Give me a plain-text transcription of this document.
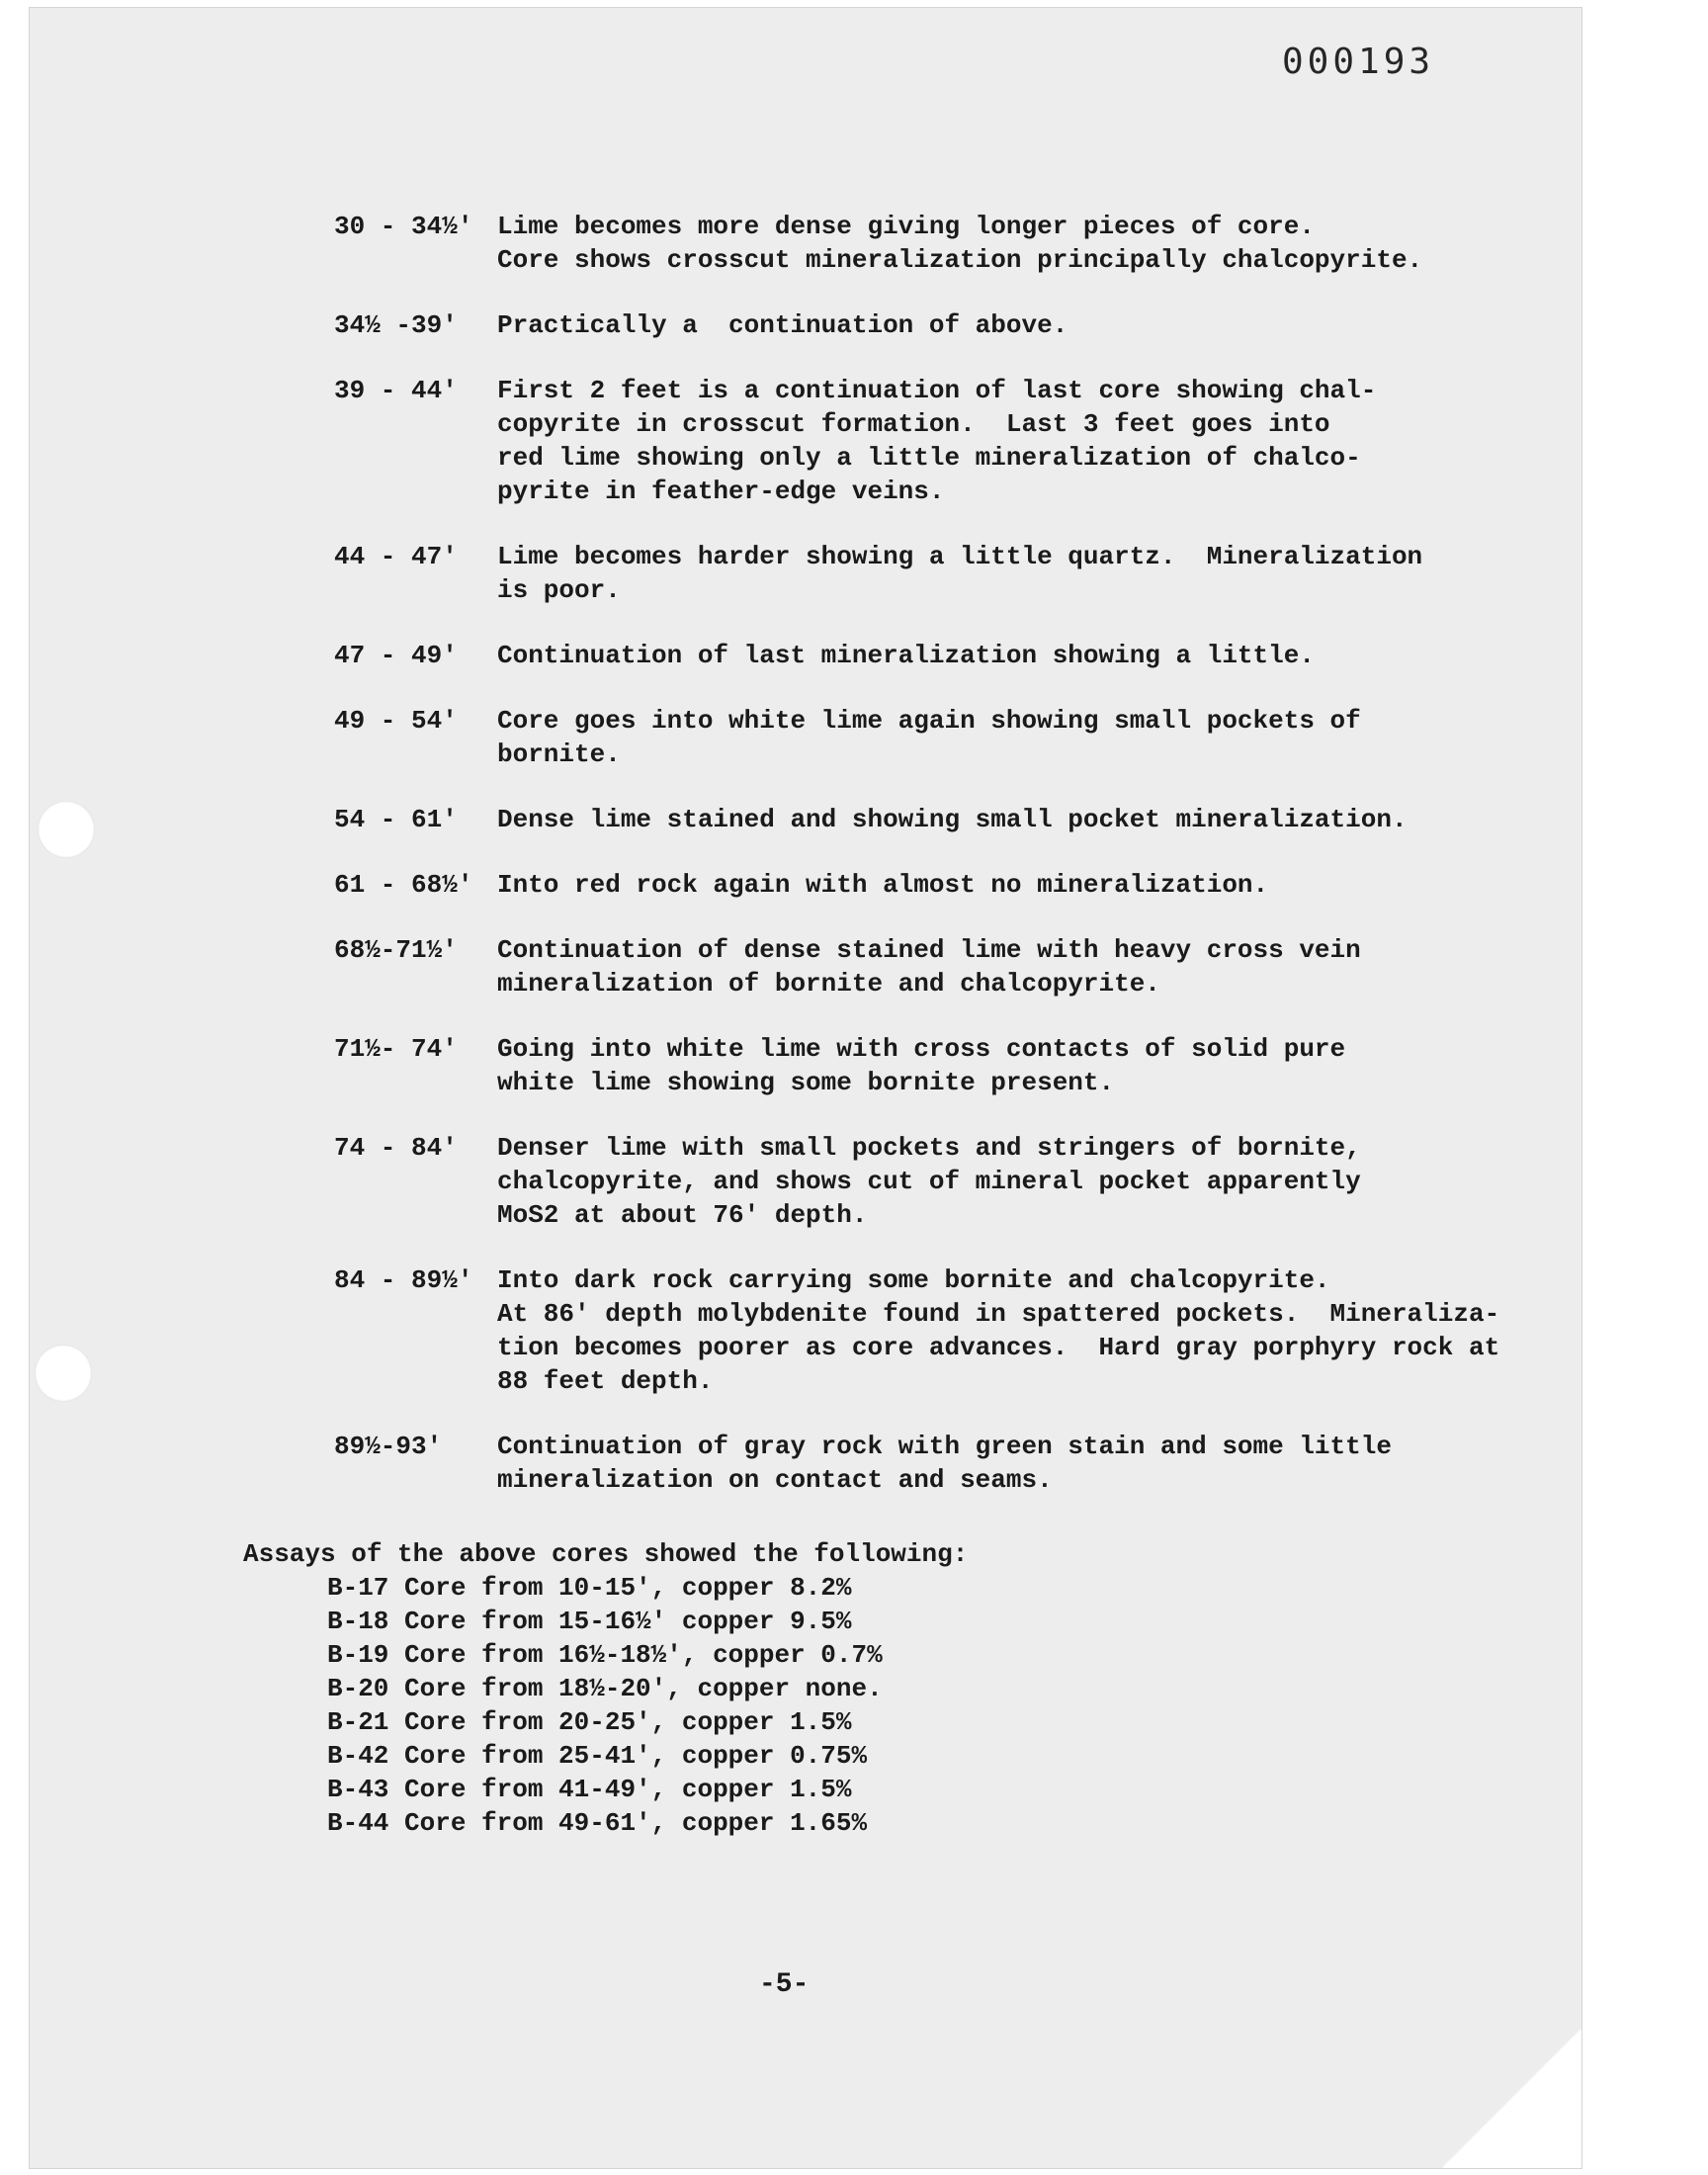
000193
30 - 34½' Lime becomes more dense giving longer pieces of core.
Core shows crosscut mineralization principally chalcopyrite.
34½ -39'	Practically a  continuation of above.
39 - 44'	First 2 feet is a continuation of last core showing chal-
copyrite in crosscut formation.  Last 3 feet goes into
red lime showing only a little mineralization of chalco-
pyrite in feather-edge veins.
44 - 47'	Lime becomes harder showing a little quartz.  Mineralization
is poor.
47 - 49'	Continuation of last mineralization showing a little.
49 - 54'	Core goes into white lime again showing small pockets of
bornite.
54 - 61'	Dense lime stained and showing small pocket mineralization.
61 - 68½' Into red rock again with almost no mineralization.
68½-71½'	Continuation of dense stained lime with heavy cross vein
mineralization of bornite and chalcopyrite.
71½- 74'	Going into white lime with cross contacts of solid pure
white lime showing some bornite present.
74 - 84'	Denser lime with small pockets and stringers of bornite,
chalcopyrite, and shows cut of mineral pocket apparently
MoS2 at about 76' depth.
84 - 89½' Into dark rock carrying some bornite and chalcopyrite.
At 86' depth molybdenite found in spattered pockets.  Mineraliza-
tion becomes poorer as core advances.  Hard gray porphyry rock at
88 feet depth.
89½-93'	Continuation of gray rock with green stain and some little
mineralization on contact and seams.
Assays of the above cores showed the following:
B-17 Core from 10-15', copper 8.2%
B-18 Core from 15-16½' copper 9.5%
B-19 Core from 16½-18½', copper 0.7%
B-20 Core from 18½-20', copper none.
B-21 Core from 20-25', copper 1.5%
B-42 Core from 25-41', copper 0.75%
B-43 Core from 41-49', copper 1.5%
B-44 Core from 49-61', copper 1.65%
-5-
